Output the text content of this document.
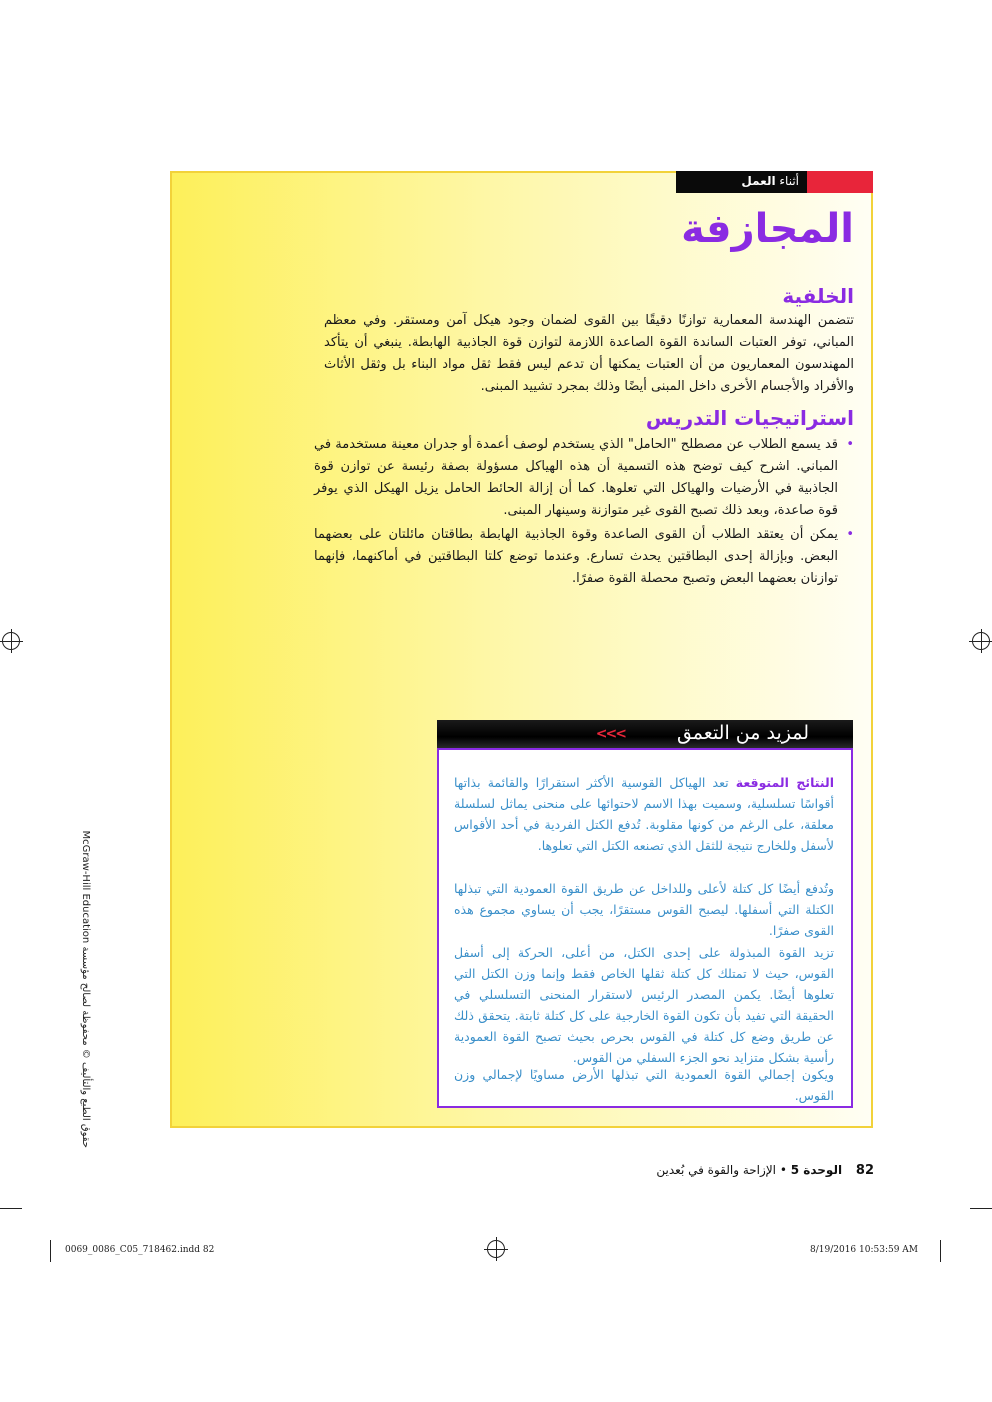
أثناء العمل
المجازفة
الخلفية

تتضمن الهندسة المعمارية توازنًا دقيقًا بين القوى لضمان وجود هيكل آمن ومستقر. وفي معظم المباني، توفر العتبات الساندة القوة الصاعدة اللازمة لتوازن قوة الجاذبية الهابطة. ينبغي أن يتأكد المهندسون المعماريون من أن العتبات يمكنها أن تدعم ليس فقط ثقل مواد البناء بل وثقل الأثاث والأفراد والأجسام الأخرى داخل المبنى أيضًا وذلك بمجرد تشييد المبنى.

استراتيجيات التدريس
•
قد يسمع الطلاب عن مصطلح "الحامل" الذي يستخدم لوصف أعمدة أو جدران معينة مستخدمة في المباني. اشرح كيف توضح هذه التسمية أن هذه الهياكل مسؤولة بصفة رئيسة عن توازن قوة الجاذبية في الأرضيات والهياكل التي تعلوها. كما أن إزالة الحائط الحامل يزيل الهيكل الذي يوفر قوة صاعدة، وبعد ذلك تصبح القوى غير متوازنة وسينهار المبنى.
•
يمكن أن يعتقد الطلاب أن القوى الصاعدة وقوة الجاذبية الهابطة بطاقتان مائلتان على بعضهما البعض. وبإزالة إحدى البطاقتين يحدث تسارع. وعندما توضع كلتا البطاقتين في أماكنهما، فإنهما توازنان بعضهما البعض وتصبح محصلة القوة صفرًا.
لمزيد من التعمق
<<<

النتائج المتوقعة تعد الهياكل القوسية الأكثر استقرارًا والقائمة بذاتها أقواسًا تسلسلية، وسميت بهذا الاسم لاحتوائها على منحنى يماثل لسلسلة معلقة، على الرغم من كونها مقلوبة. تُدفع الكتل الفردية في أحد الأقواس لأسفل وللخارج نتيجة للثقل الذي تصنعه الكتل التي تعلوها.

وتُدفع أيضًا كل كتلة لأعلى وللداخل عن طريق القوة العمودية التي تبذلها الكتلة التي أسفلها. ليصبح القوس مستقرًا، يجب أن يساوي مجموع هذه القوى صفرًا.

تزيد القوة المبذولة على إحدى الكتل، من أعلى، الحركة إلى أسفل القوس، حيث لا تمتلك كل كتلة ثقلها الخاص فقط وإنما وزن الكتل التي تعلوها أيضًا. يكمن المصدر الرئيس لاستقرار المنحنى التسلسلي في الحقيقة التي تفيد بأن تكون القوة الخارجية على كل كتلة ثابتة. يتحقق ذلك عن طريق وضع كل كتلة في القوس بحرص بحيث تصبح القوة العمودية رأسية بشكل متزايد نحو الجزء السفلي من القوس.

ويكون إجمالي القوة العمودية التي تبذلها الأرض مساويًا لإجمالي وزن القوس.

حقوق الطبع والتأليف © محفوظة لصالح مؤسسة McGraw-Hill Education
82 الوحدة 5 • الإزاحة والقوة في بُعدين
0069_0086_C05_718462.indd 82	8/19/2016 10:53:59 AM
